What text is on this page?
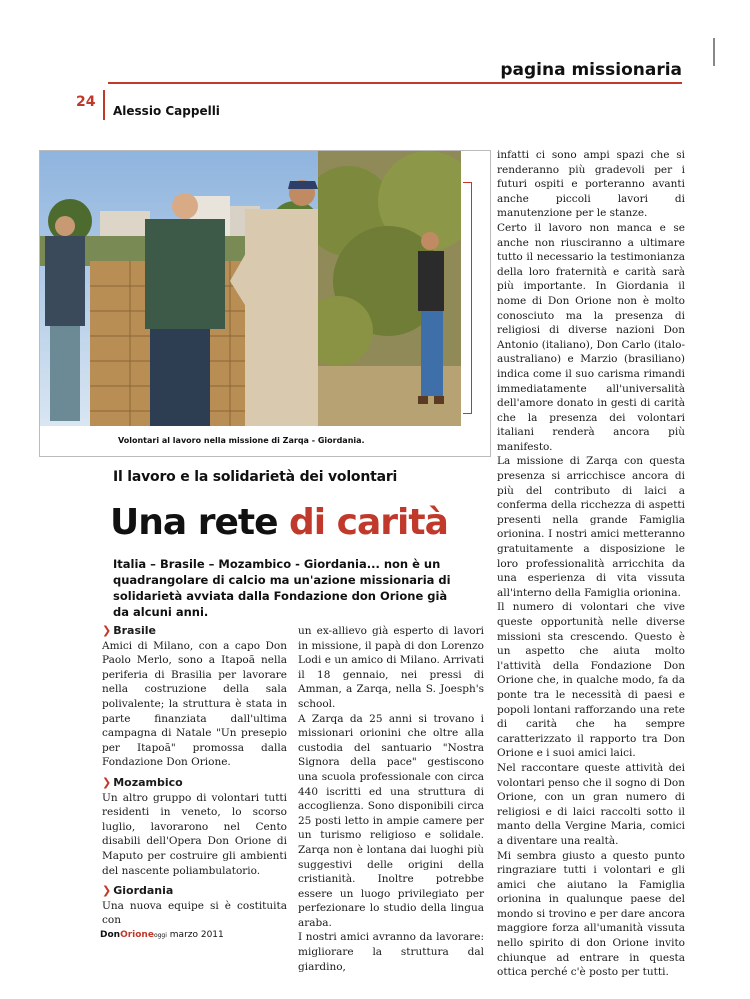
pagina missionaria
24
Alessio Cappelli
Volontari al lavoro nella missione di Zarqa - Giordania.
Il lavoro e la solidarietà dei volontari
Una rete di carità
Italia – Brasile – Mozambico - Giordania... non è un quadrangolare di calcio ma un'azione missionaria di solidarietà avviata dalla Fondazione don Orione già da alcuni anni.

❯ Brasile

Amici di Milano, con a capo Don Paolo Merlo, sono a Itapoã nella periferia di Brasilia per lavorare nella costruzione della sala polivalente; la struttura è stata in parte finanziata dall'ultima campagna di Natale "Un presepio per Itapoã" promossa dalla Fondazione Don Orione.

❯ Mozambico

Un altro gruppo di volontari tutti residenti in veneto, lo scorso luglio, lavorarono nel Cento disabili dell'Opera Don Orione di Maputo per costruire gli ambienti del nascente poliambulatorio.

❯ Giordania

Una nuova equipe si è costituita con

un ex-allievo già esperto di lavori in missione, il papà di don Lorenzo Lodi e un amico di Milano. Arrivati il 18 gennaio, nei pressi di Amman, a Zarqa, nella S. Joesph's school.

A Zarqa da 25 anni si trovano i missionari orionini che oltre alla custodia del santuario "Nostra Signora della pace" gestiscono una scuola professionale con circa 440 iscritti ed una struttura di accoglienza. Sono disponibili circa 25 posti letto in ampie camere per un turismo religioso e solidale. Zarqa non è lontana dai luoghi più suggestivi delle origini della cristianità. Inoltre potrebbe essere un luogo privilegiato per perfezionare lo studio della lingua araba.

I nostri amici avranno da lavorare: migliorare la struttura dal giardino,

infatti ci sono ampi spazi che si renderanno più gradevoli per i futuri ospiti e porteranno avanti anche piccoli lavori di manutenzione per le stanze.

Certo il lavoro non manca e se anche non riusciranno a ultimare tutto il necessario la testimonianza della loro fraternità e carità sarà più importante. In Giordania il nome di Don Orione non è molto conosciuto ma la presenza di religiosi di diverse nazioni Don Antonio (italiano), Don Carlo (italo-australiano) e Marzio (brasiliano) indica come il suo carisma rimandi immediatamente all'universalità dell'amore donato in gesti di carità che la presenza dei volontari italiani renderà ancora più manifesto.

La missione di Zarqa con questa presenza si arricchisce ancora di più del contributo di laici a conferma della ricchezza di aspetti presenti nella grande Famiglia orionina. I nostri amici metteranno gratuitamente a disposizione le loro professionalità arricchita da una esperienza di vita vissuta all'interno della Famiglia orionina.

Il numero di volontari che vive queste opportunità nelle diverse missioni sta crescendo. Questo è un aspetto che aiuta molto l'attività della Fondazione Don Orione che, in qualche modo, fa da ponte tra le necessità di paesi e popoli lontani rafforzando una rete di carità che ha sempre caratterizzato il rapporto tra Don Orione e i suoi amici laici.

Nel raccontare queste attività dei volontari penso che il sogno di Don Orione, con un gran numero di religiosi e di laici raccolti sotto il manto della Vergine Maria, comici a diventare una realtà.

Mi sembra giusto a questo punto ringraziare tutti i volontari e gli amici che aiutano la Famiglia orionina in qualunque paese del mondo si trovino e per dare ancora maggiore forza all'umanità vissuta nello spirito di don Orione invito chiunque ad entrare in questa ottica perché c'è posto per tutti.

DonOrioneoggi marzo 2011
